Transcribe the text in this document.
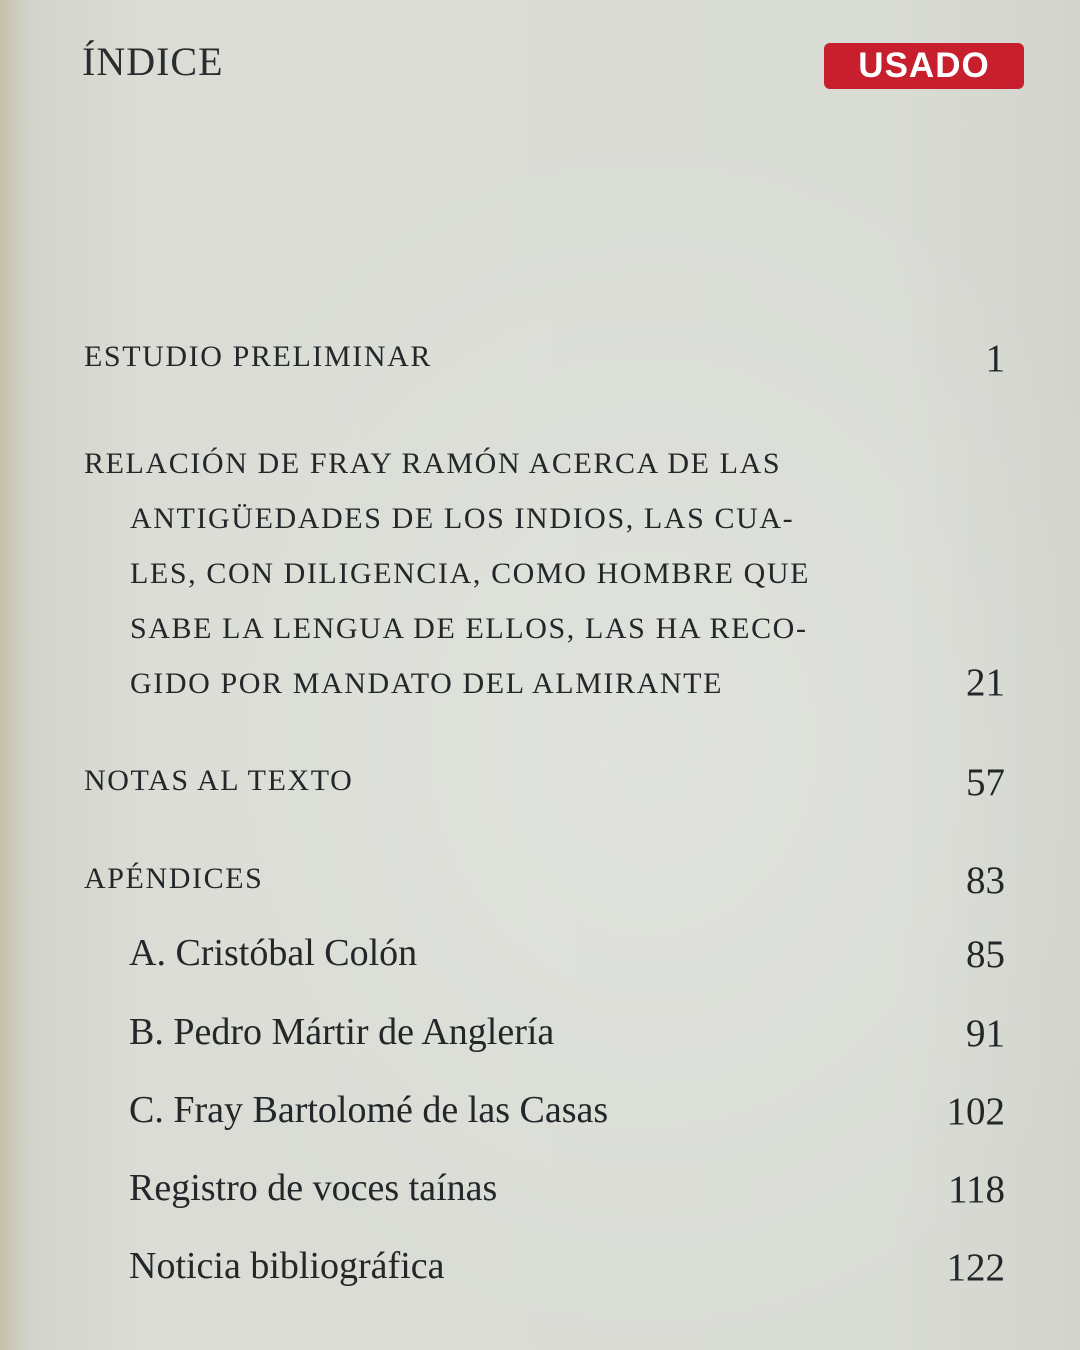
ÍNDICE	USADO
ESTUDIO PRELIMINAR	1
RELACIÓN DE FRAY RAMÓN ACERCA DE LAS
ANTIGÜEDADES DE LOS INDIOS, LAS CUA-
LES, CON DILIGENCIA, COMO HOMBRE QUE
SABE LA LENGUA DE ELLOS, LAS HA RECO-
GIDO POR MANDATO DEL ALMIRANTE	21
NOTAS AL TEXTO	57
APÉNDICES	83
A. Cristóbal Colón	85
B. Pedro Mártir de Anglería	91
C. Fray Bartolomé de las Casas	102
Registro de voces taínas	118
Noticia bibliográfica	122
